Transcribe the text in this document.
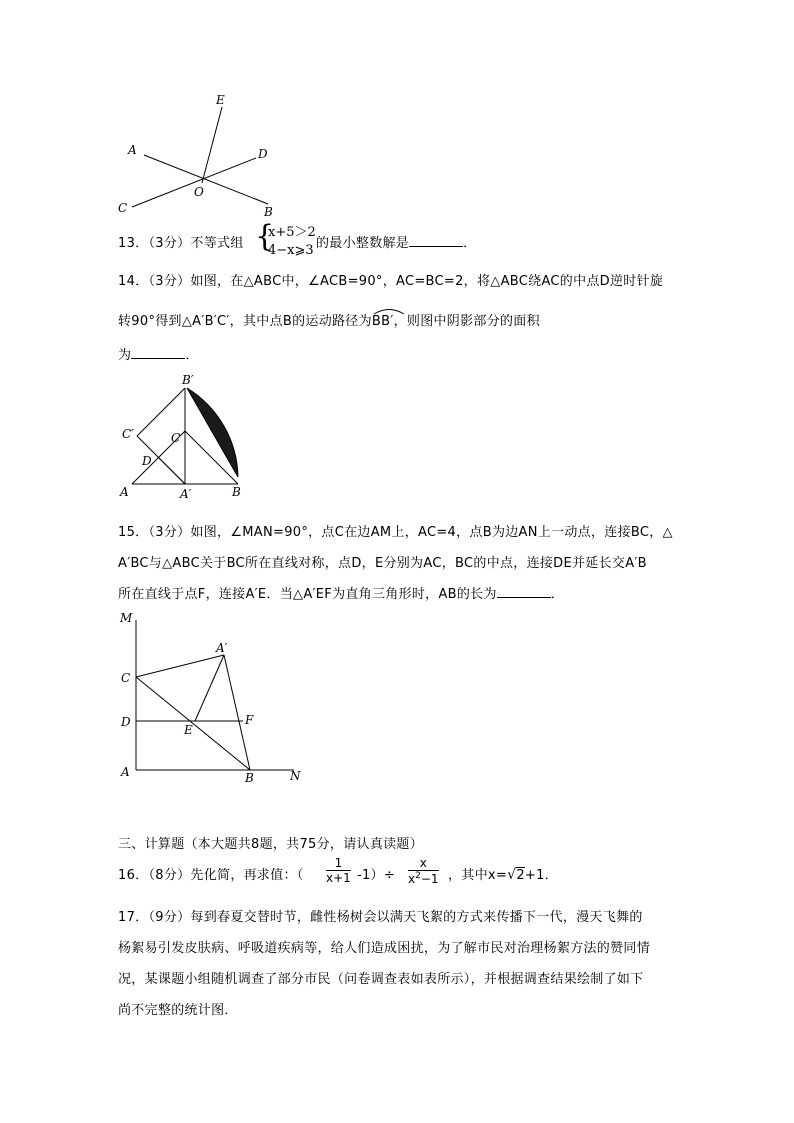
E
A	D
O
C	B
13．（3分）不等式组 {
x+5＞2
4−x⩾3 的最小整数解是	．
14．（3分）如图，在△ABC中，∠ACB=90°，AC=BC=2，将△ABC绕AC的中点D逆时针旋
转90°得到△A′B′C′，其中点B的运动路径为
BB′，则图中阴影部分的面积
为	．
B′
C′	C
D
A	A′	B
15．（3分）如图，∠MAN=90°，点C在边AM上，AC=4，点B为边AN上一动点，连接BC，△
A′BC与△ABC关于BC所在直线对称，点D，E分别为AC，BC的中点，连接DE并延长交A′B
所在直线于点F，连接A′E．当△A′EF为直角三角形时，AB的长为	．
M
A′
C
D
E
F
A	B	N
三、计算题（本大题共8题，共75分，请认真读题）
16．（8分）先化简，再求值：（
1
x+1 -1）÷
x
$x^2-1$ ，其中x=√2+1．
17．（9分）每到春夏交替时节，雌性杨树会以满天飞絮的方式来传播下一代，漫天飞舞的
杨絮易引发皮肤病、呼吸道疾病等，给人们造成困扰，为了解市民对治理杨絮方法的赞同情
况，某课题小组随机调查了部分市民（问卷调查表如表所示），并根据调查结果绘制了如下
尚不完整的统计图．
